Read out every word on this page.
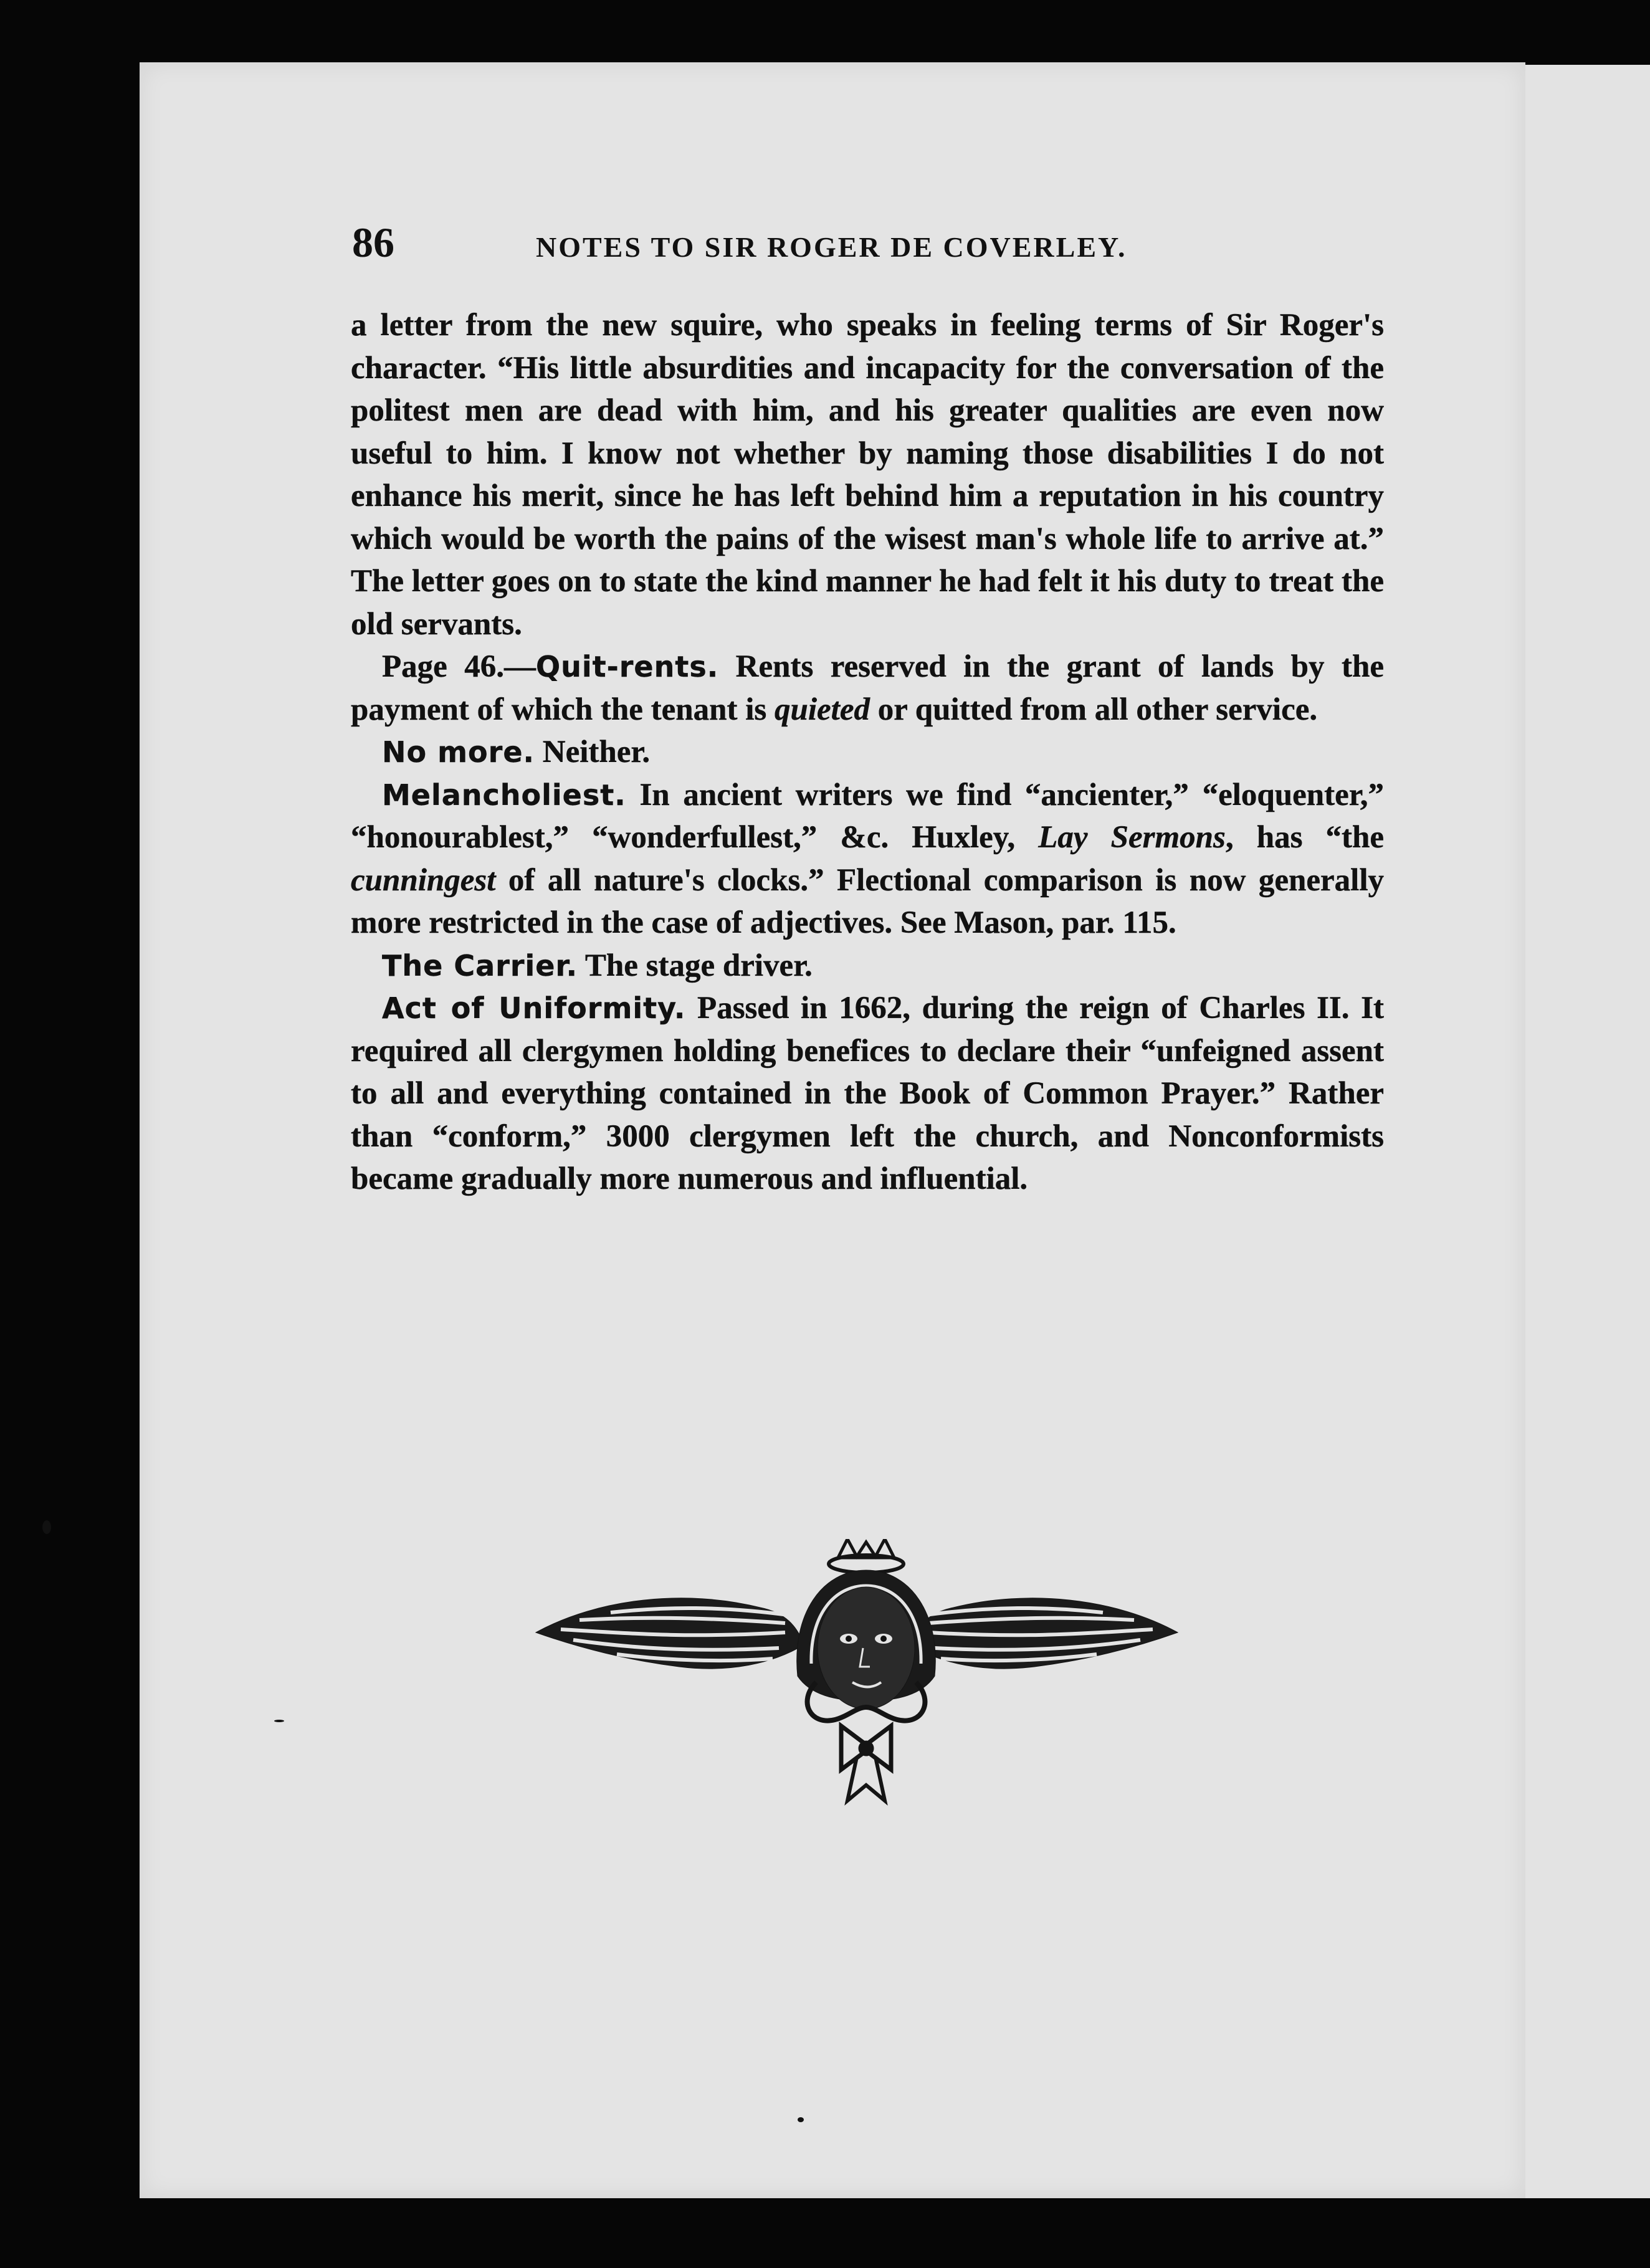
86	NOTES TO SIR ROGER DE COVERLEY.

a letter from the new squire, who speaks in feeling terms of Sir Roger's character. “His little absurdities and incapacity for the conversation of the politest men are dead with him, and his greater qualities are even now useful to him. I know not whether by naming those disabilities I do not enhance his merit, since he has left behind him a reputation in his country which would be worth the pains of the wisest man's whole life to arrive at.” The letter goes on to state the kind manner he had felt it his duty to treat the old servants.

Page 46.—Quit-rents. Rents reserved in the grant of lands by the payment of which the tenant is quieted or quitted from all other service.

No more. Neither.

Melancholiest. In ancient writers we find “ancienter,” “eloquenter,” “honourablest,” “wonderfullest,” &c. Huxley, Lay Sermons, has “the cunningest of all nature's clocks.” Flectional comparison is now generally more restricted in the case of adjectives. See Mason, par. 115.

The Carrier. The stage driver.

Act of Uniformity. Passed in 1662, during the reign of Charles II. It required all clergymen holding benefices to declare their “unfeigned assent to all and everything contained in the Book of Common Prayer.” Rather than “conform,” 3000 clergymen left the church, and Nonconformists became gradually more numerous and influential.
